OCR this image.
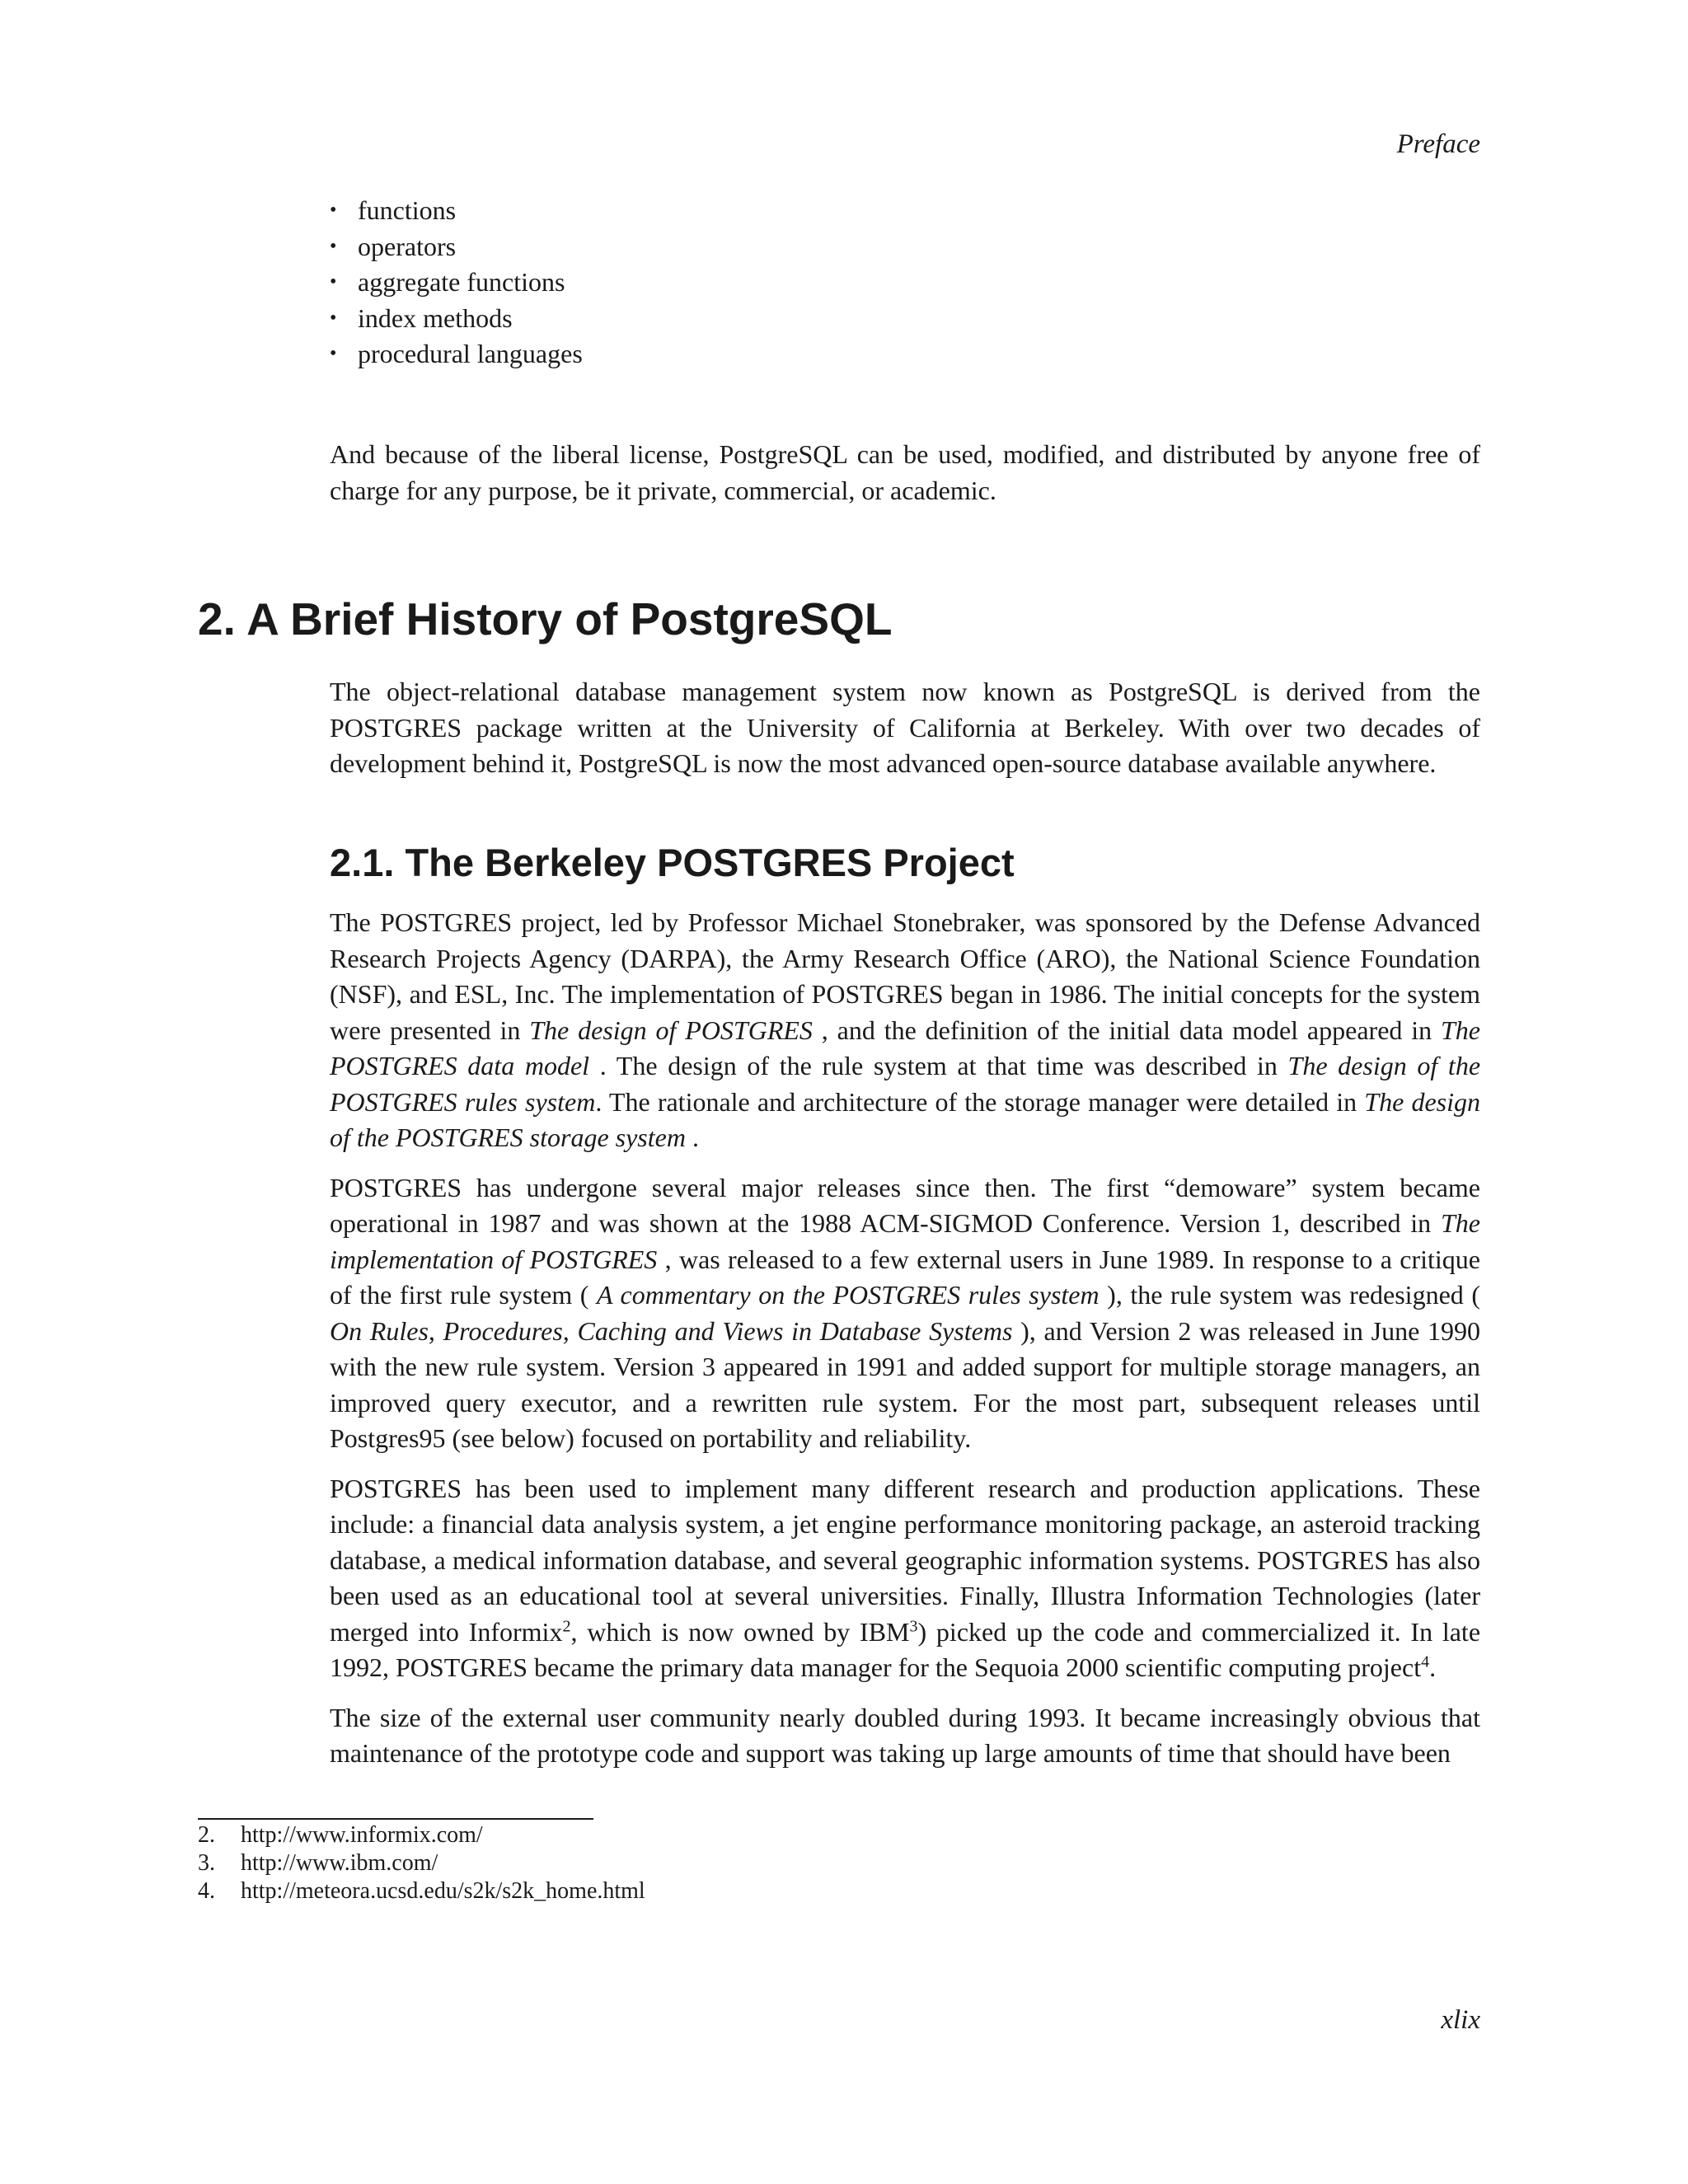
Preface
• functions
• operators
• aggregate functions
• index methods
• procedural languages

And because of the liberal license, PostgreSQL can be used, modified, and distributed by anyone free of charge for any purpose, be it private, commercial, or academic.

2. A Brief History of PostgreSQL

The object-relational database management system now known as PostgreSQL is derived from the POSTGRES package written at the University of California at Berkeley. With over two decades of development behind it, PostgreSQL is now the most advanced open-source database available anywhere.

2.1. The Berkeley POSTGRES Project

The POSTGRES project, led by Professor Michael Stonebraker, was sponsored by the Defense Advanced Research Projects Agency (DARPA), the Army Research Office (ARO), the National Science Foundation (NSF), and ESL, Inc. The implementation of POSTGRES began in 1986. The initial concepts for the system were presented in The design of POSTGRES , and the definition of the initial data model appeared in The POSTGRES data model . The design of the rule system at that time was described in The design of the POSTGRES rules system. The rationale and architecture of the storage manager were detailed in The design of the POSTGRES storage system .

POSTGRES has undergone several major releases since then. The first “demoware” system became operational in 1987 and was shown at the 1988 ACM-SIGMOD Conference. Version 1, described in The implementation of POSTGRES , was released to a few external users in June 1989. In response to a critique of the first rule system ( A commentary on the POSTGRES rules system ), the rule system was redesigned ( On Rules, Procedures, Caching and Views in Database Systems ), and Version 2 was released in June 1990 with the new rule system. Version 3 appeared in 1991 and added support for multiple storage managers, an improved query executor, and a rewritten rule system. For the most part, subsequent releases until Postgres95 (see below) focused on portability and reliability.

POSTGRES has been used to implement many different research and production applications. These include: a financial data analysis system, a jet engine performance monitoring package, an asteroid tracking database, a medical information database, and several geographic information systems. POSTGRES has also been used as an educational tool at several universities. Finally, Illustra Information Technologies (later merged into Informix$^2$, which is now owned by IBM$^3$) picked up the code and commercialized it. In late 1992, POSTGRES became the primary data manager for the Sequoia 2000 scientific computing project$^4$.

The size of the external user community nearly doubled during 1993. It became increasingly obvious that maintenance of the prototype code and support was taking up large amounts of time that should have been

2.	http://www.informix.com/
3.	http://www.ibm.com/
4.	http://meteora.ucsd.edu/s2k/s2k_home.html
xlix
